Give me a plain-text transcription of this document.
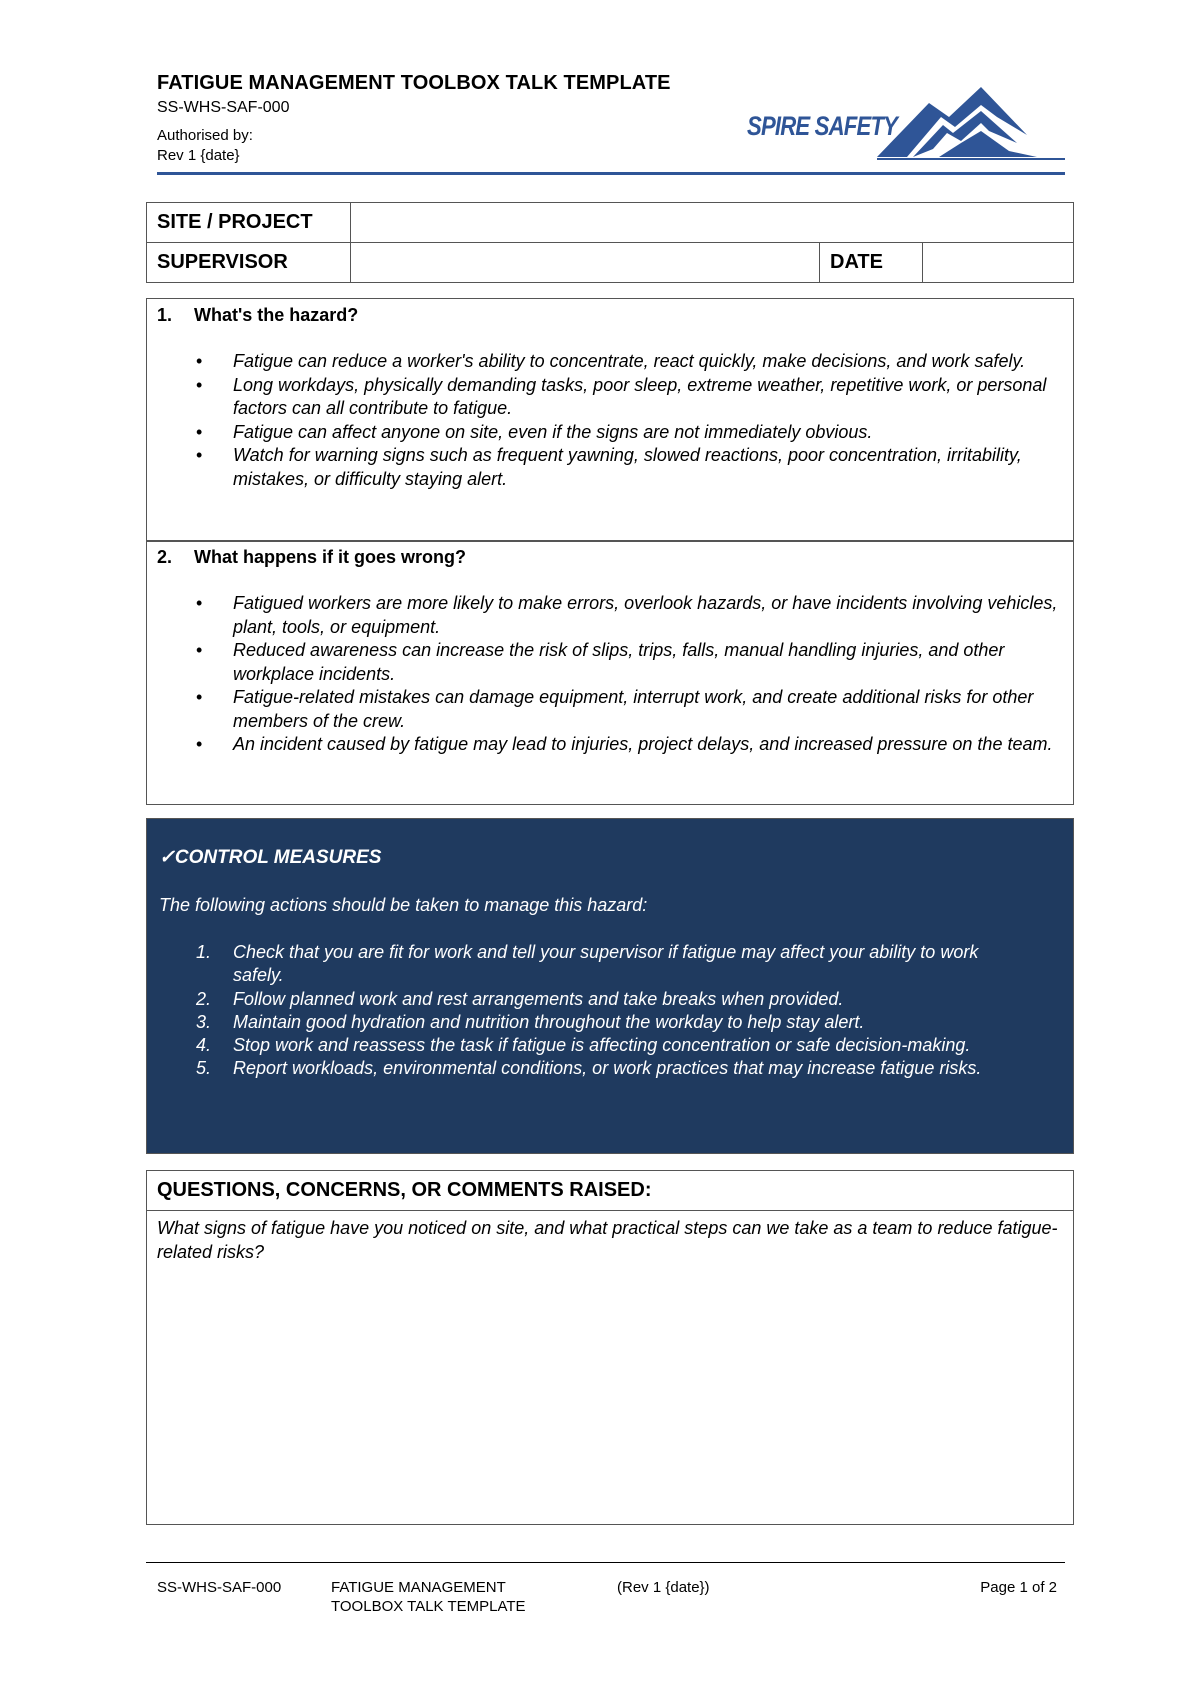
FATIGUE MANAGEMENT TOOLBOX TALK TEMPLATE
SS-WHS-SAF-000
Authorised by:
Rev 1 {date}
SPIRE SAFETY
SITE / PROJECT			
SUPERVISOR		DATE	
1.	What's the hazard?
• Fatigue can reduce a worker's ability to concentrate, react quickly, make decisions, and work safely.
• Long workdays, physically demanding tasks, poor sleep, extreme weather, repetitive work, or personal factors can all contribute to fatigue.
• Fatigue can affect anyone on site, even if the signs are not immediately obvious.
• Watch for warning signs such as frequent yawning, slowed reactions, poor concentration, irritability, mistakes, or difficulty staying alert.
2.	What happens if it goes wrong?
• Fatigued workers are more likely to make errors, overlook hazards, or have incidents involving vehicles, plant, tools, or equipment.
• Reduced awareness can increase the risk of slips, trips, falls, manual handling injuries, and other workplace incidents.
• Fatigue-related mistakes can damage equipment, interrupt work, and create additional risks for other members of the crew.
• An incident caused by fatigue may lead to injuries, project delays, and increased pressure on the team.
✓CONTROL MEASURES
The following actions should be taken to manage this hazard:
1. Check that you are fit for work and tell your supervisor if fatigue may affect your ability to work safely.
2. Follow planned work and rest arrangements and take breaks when provided.
3. Maintain good hydration and nutrition throughout the workday to help stay alert.
4. Stop work and reassess the task if fatigue is affecting concentration or safe decision-making.
5. Report workloads, environmental conditions, or work practices that may increase fatigue risks.
QUESTIONS, CONCERNS, OR COMMENTS RAISED:
What signs of fatigue have you noticed on site, and what practical steps can we take as a team to reduce fatigue-related risks?
SS-WHS-SAF-000	FATIGUE MANAGEMENT TOOLBOX TALK TEMPLATE
(Rev 1 {date})	Page 1 of 2
